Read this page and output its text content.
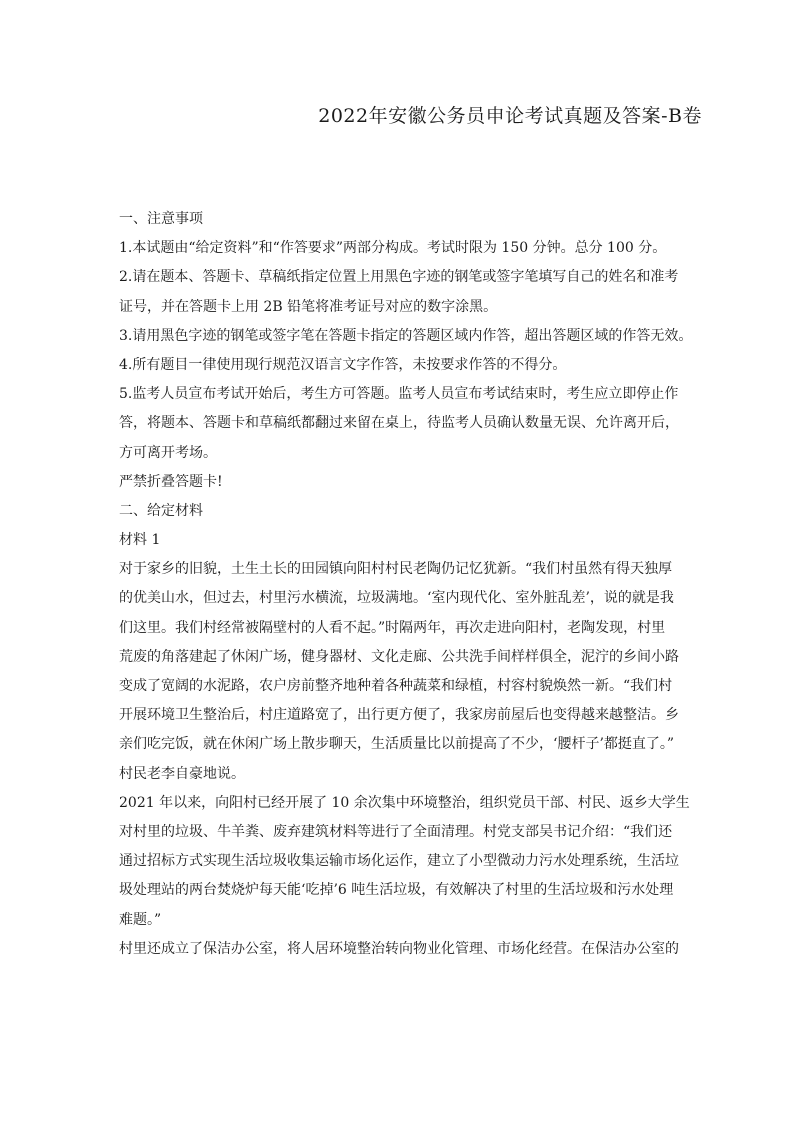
2022年安徽公务员申论考试真题及答案-B卷
一、注意事项
1.本试题由“给定资料”和“作答要求”两部分构成。考试时限为 150 分钟。总分 100 分。
2.请在题本、答题卡、草稿纸指定位置上用黑色字迹的钢笔或签字笔填写自己的姓名和准考
证号，并在答题卡上用 2B 铅笔将准考证号对应的数字涂黑。
3.请用黑色字迹的钢笔或签字笔在答题卡指定的答题区域内作答，超出答题区域的作答无效。
4.所有题目一律使用现行规范汉语言文字作答，未按要求作答的不得分。
5.监考人员宣布考试开始后，考生方可答题。监考人员宣布考试结束时，考生应立即停止作
答，将题本、答题卡和草稿纸都翻过来留在桌上，待监考人员确认数量无误、允许离开后，
方可离开考场。
严禁折叠答题卡!
二、给定材料
材料 1
对于家乡的旧貌，土生土长的田园镇向阳村村民老陶仍记忆犹新。“我们村虽然有得天独厚
的优美山水，但过去，村里污水横流，垃圾满地。‘室内现代化、室外脏乱差’，说的就是我
们这里。我们村经常被隔壁村的人看不起。”时隔两年，再次走进向阳村，老陶发现，村里
荒废的角落建起了休闲广场，健身器材、文化走廊、公共洗手间样样俱全，泥泞的乡间小路
变成了宽阔的水泥路，农户房前整齐地种着各种蔬菜和绿植，村容村貌焕然一新。“我们村
开展环境卫生整治后，村庄道路宽了，出行更方便了，我家房前屋后也变得越来越整洁。乡
亲们吃完饭，就在休闲广场上散步聊天，生活质量比以前提高了不少，‘腰杆子’都挺直了。”
村民老李自豪地说。
2021 年以来，向阳村已经开展了 10 余次集中环境整治，组织党员干部、村民、返乡大学生
对村里的垃圾、牛羊粪、废弃建筑材料等进行了全面清理。村党支部吴书记介绍：“我们还
通过招标方式实现生活垃圾收集运输市场化运作，建立了小型微动力污水处理系统，生活垃
圾处理站的两台焚烧炉每天能‘吃掉’6 吨生活垃圾，有效解决了村里的生活垃圾和污水处理
难题。”
村里还成立了保洁办公室，将人居环境整治转向物业化管理、市场化经营。在保洁办公室的
